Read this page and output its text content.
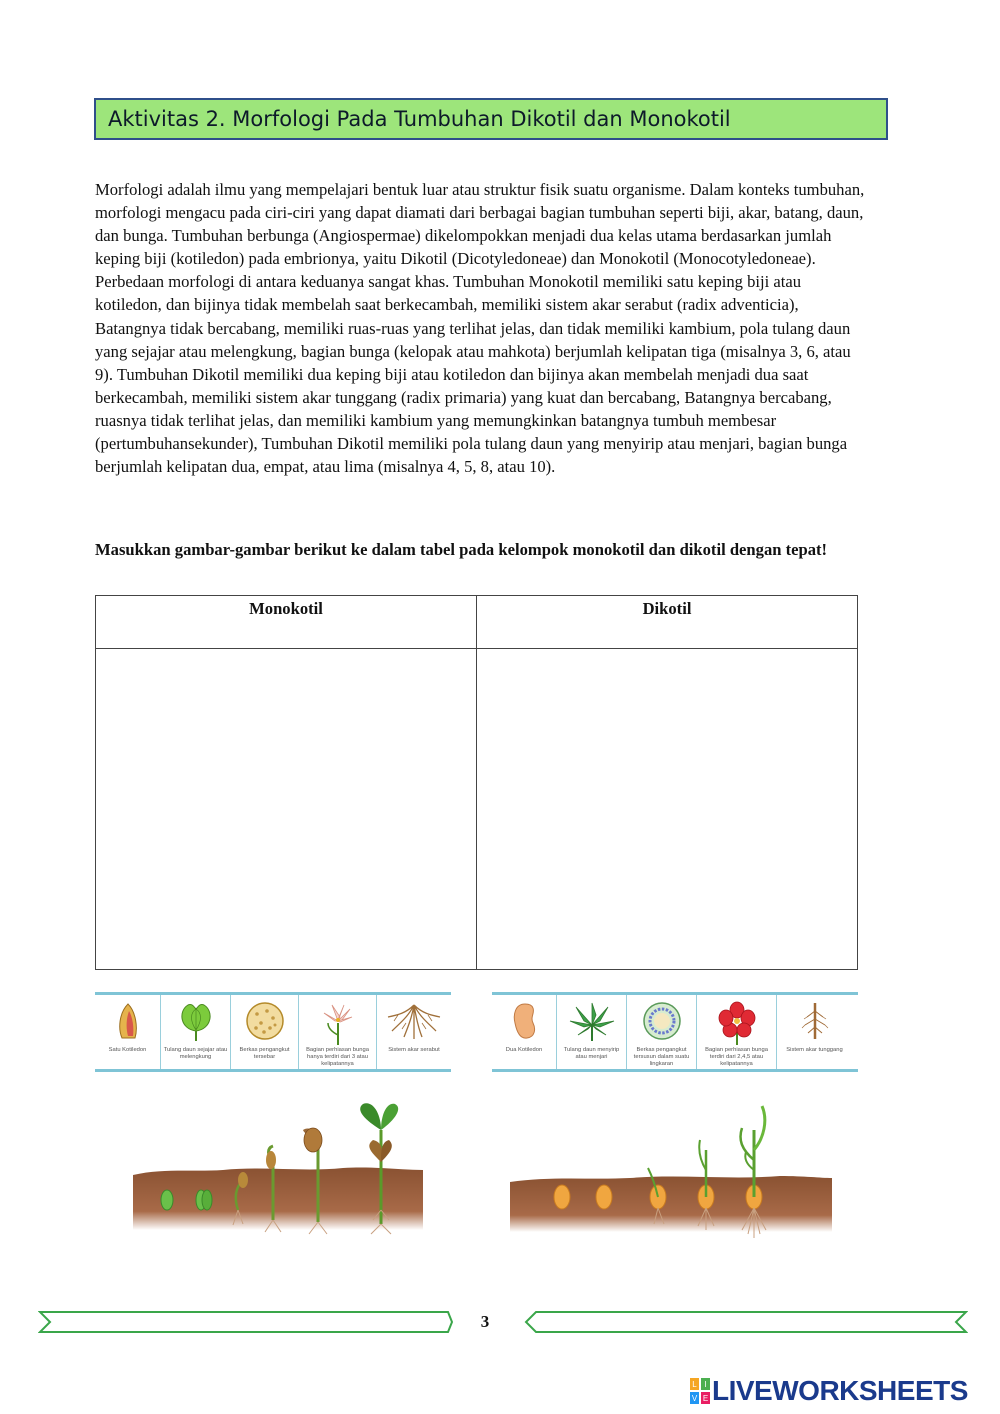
Aktivitas 2. Morfologi Pada Tumbuhan Dikotil dan Monokotil

Morfologi adalah ilmu yang mempelajari bentuk luar atau struktur fisik suatu organisme. Dalam konteks tumbuhan, morfologi mengacu pada ciri-ciri yang dapat diamati dari berbagai bagian tumbuhan seperti biji, akar, batang, daun, dan bunga. Tumbuhan berbunga (Angiospermae) dikelompokkan menjadi dua kelas utama berdasarkan jumlah keping biji (kotiledon) pada embrionya, yaitu Dikotil (Dicotyledoneae) dan Monokotil (Monocotyledoneae). Perbedaan morfologi di antara keduanya sangat khas. Tumbuhan Monokotil memiliki satu keping biji atau kotiledon, dan bijinya tidak membelah saat berkecambah, memiliki sistem akar serabut (radix adventicia), Batangnya tidak bercabang, memiliki ruas-ruas yang terlihat jelas, dan tidak memiliki kambium, pola tulang daun yang sejajar atau melengkung, bagian bunga (kelopak atau mahkota) berjumlah kelipatan tiga (misalnya 3, 6, atau 9). Tumbuhan Dikotil memiliki dua keping biji atau kotiledon dan bijinya akan membelah menjadi dua saat berkecambah, memiliki sistem akar tunggang (radix primaria) yang kuat dan bercabang, Batangnya bercabang, ruasnya tidak terlihat jelas, dan memiliki kambium yang memungkinkan batangnya tumbuh membesar (pertumbuhansekunder), Tumbuhan Dikotil memiliki pola tulang daun yang menyirip atau menjari, bagian bunga berjumlah kelipatan dua, empat, atau lima (misalnya 4, 5, 8, atau 10).

Masukkan gambar-gambar berikut ke dalam tabel pada kelompok monokotil dan dikotil dengan tepat!

Monokotil	Dikotil

Satu Kotiledon	Tulang daun sejajar atau melengkung
Berkas pengangkut tersebar
Bagian perhiasan bunga hanya terdiri dari 3 atau kelipatannya
Sistem akar serabut	Dua Kotiledon	Tulang daun menyirip atau menjari
Berkas pengangkut tersusun dalam suatu lingkaran
Bagian perhiasan bunga terdiri dari 2,4,5 atau kelipatannya
Sistem akar tunggang
3
L I
V E LIVEWORKSHEETS
